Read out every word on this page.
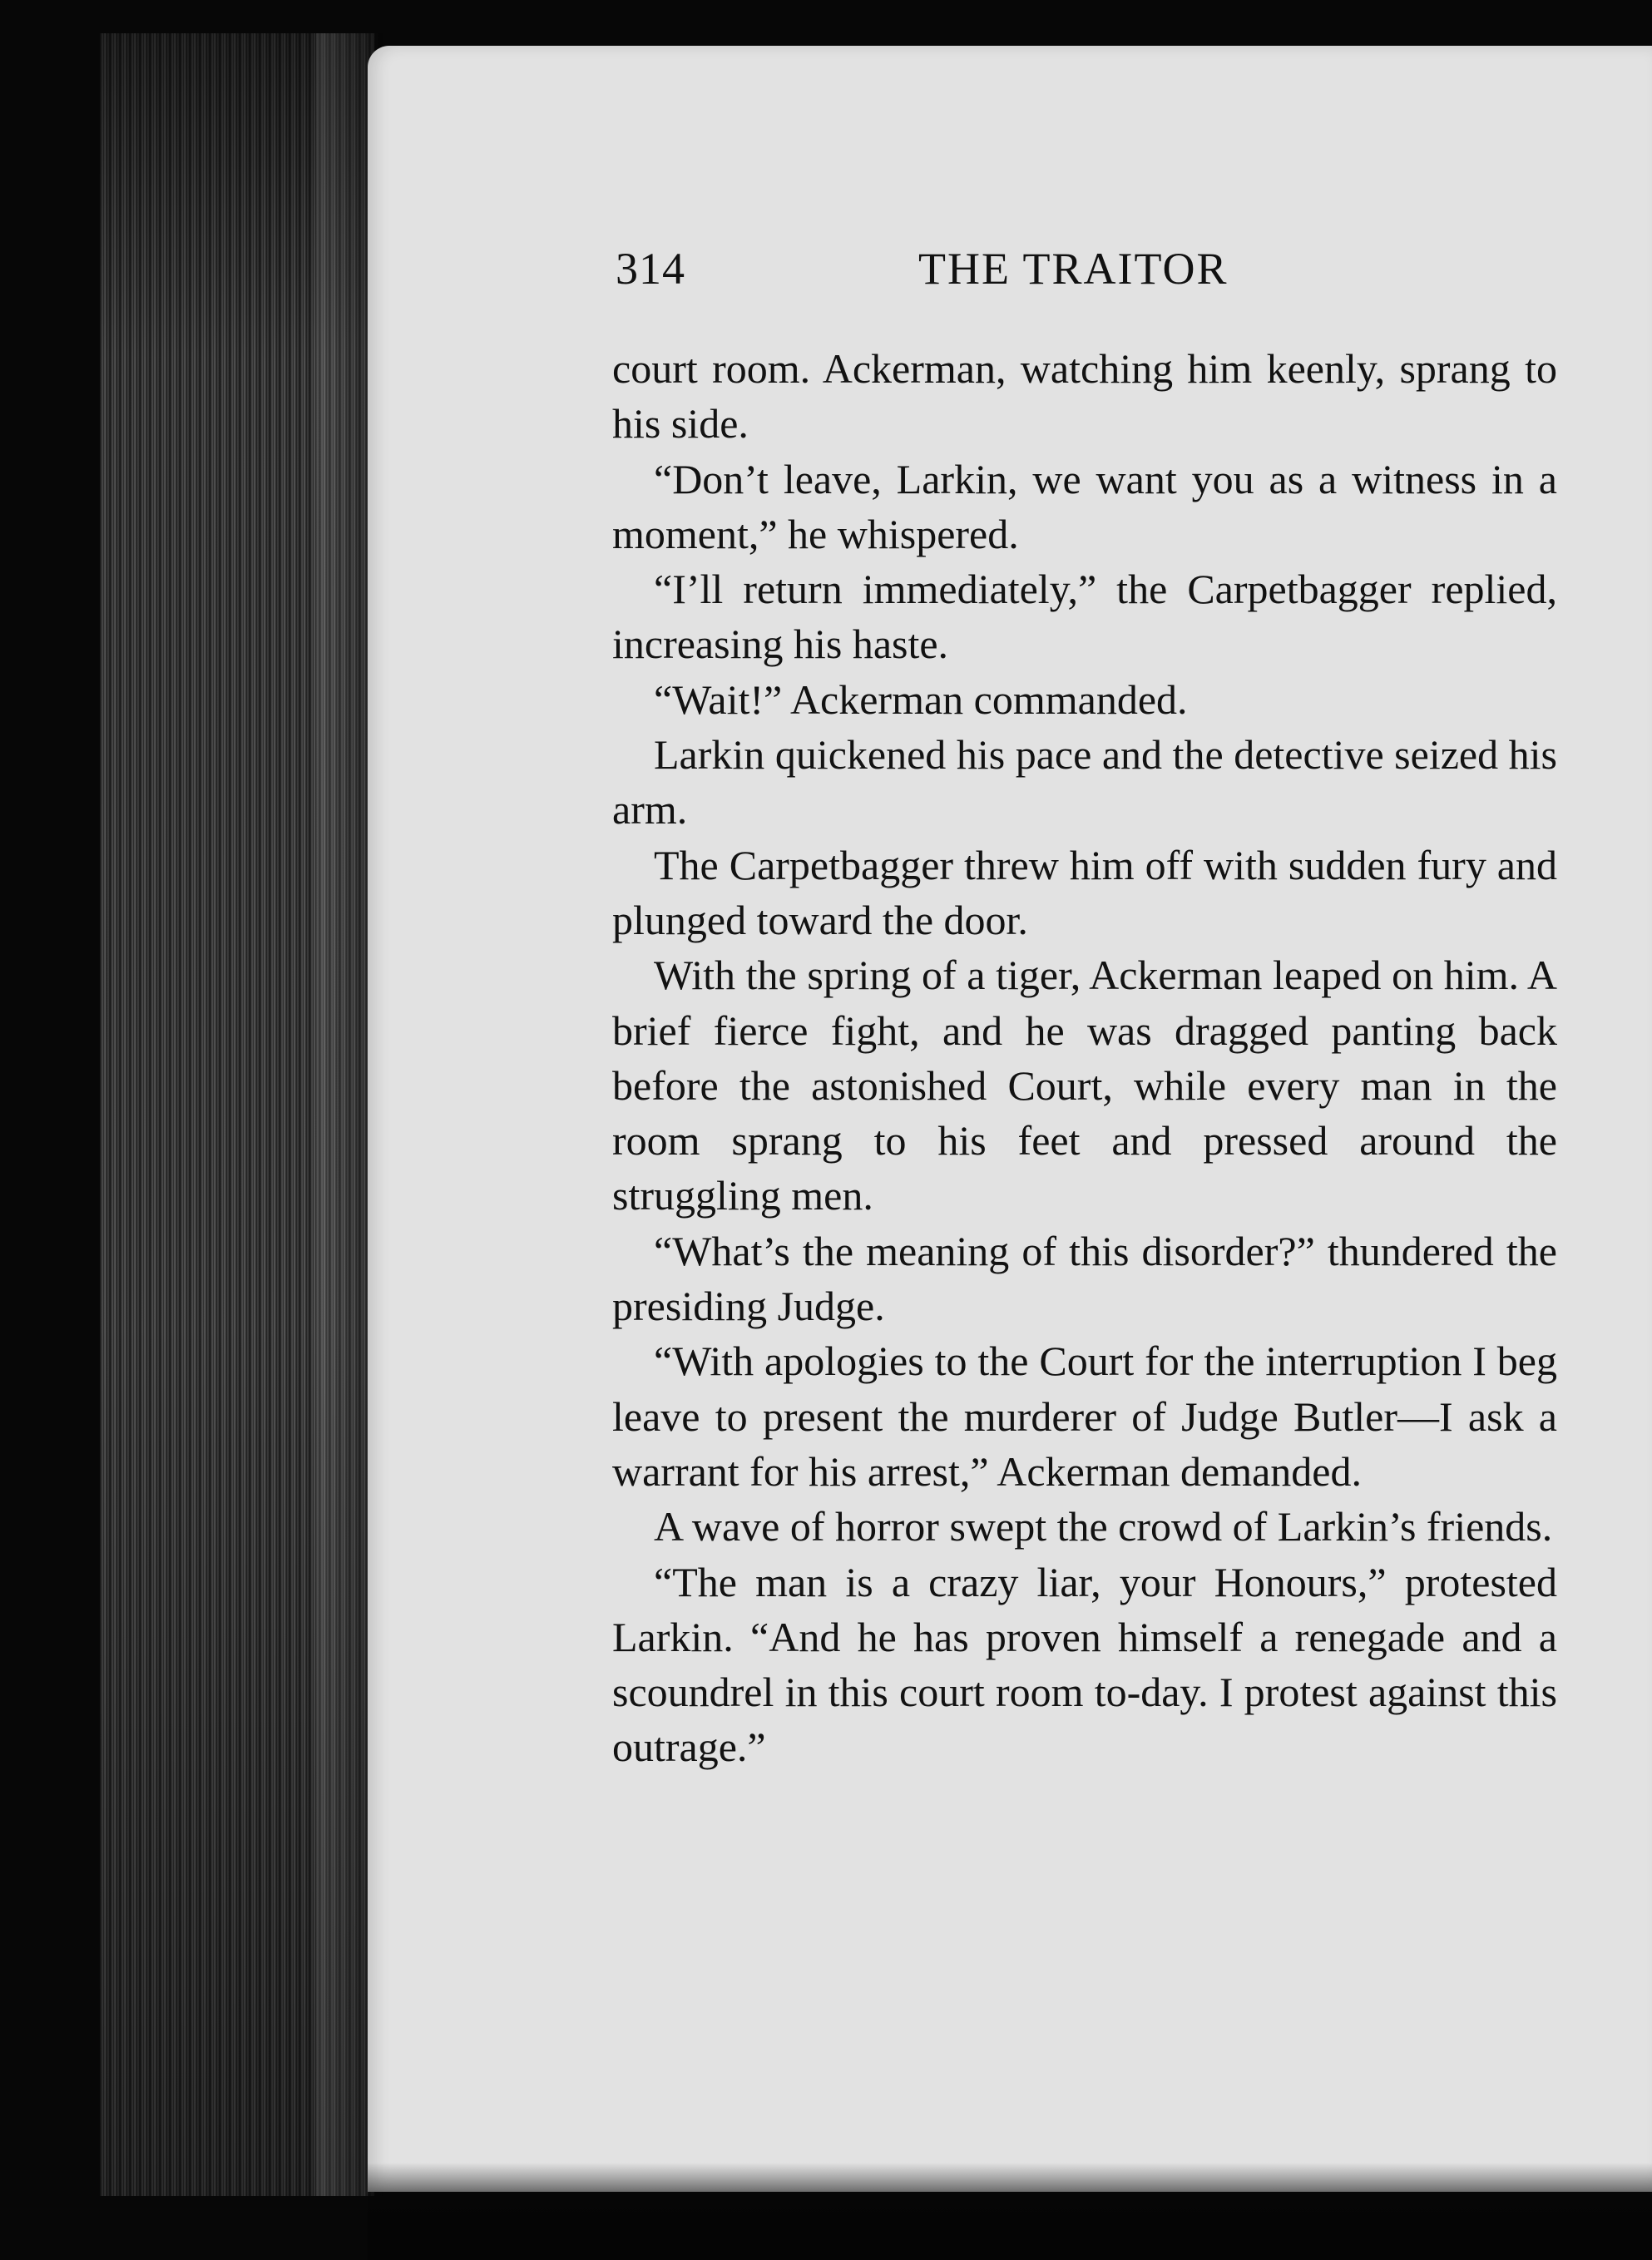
314	THE TRAITOR

court room. Ackerman, watching him keenly, sprang to his side.

“Don’t leave, Larkin, we want you as a witness in a moment,” he whispered.

“I’ll return immediately,” the Carpetbagger replied, increasing his haste.

“Wait!” Ackerman commanded.

Larkin quickened his pace and the detective seized his arm.

The Carpetbagger threw him off with sudden fury and plunged toward the door.

With the spring of a tiger, Ackerman leaped on him. A brief fierce fight, and he was dragged panting back before the astonished Court, while every man in the room sprang to his feet and pressed around the struggling men.

“What’s the meaning of this disorder?” thundered the presiding Judge.

“With apologies to the Court for the interruption I beg leave to present the murderer of Judge Butler—I ask a warrant for his arrest,” Ackerman demanded.

A wave of horror swept the crowd of Larkin’s friends.

“The man is a crazy liar, your Honours,” protested Larkin. “And he has proven himself a renegade and a scoundrel in this court room to-day. I protest against this outrage.”
